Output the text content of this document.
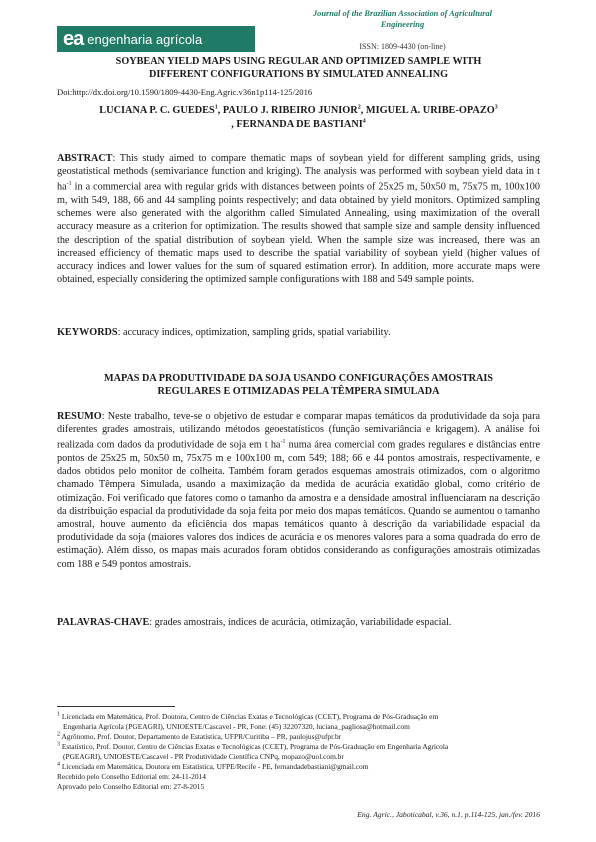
ea engenharia agrícola
Journal of the Brazilian Association of Agricultural
Engineering
ISSN: 1809-4430 (on-line)
SOYBEAN YIELD MAPS USING REGULAR AND OPTIMIZED SAMPLE WITH
DIFFERENT CONFIGURATIONS BY SIMULATED ANNEALING
Doi:http://dx.doi.org/10.1590/1809-4430-Eng.Agric.v36n1p114-125/2016
LUCIANA P. C. GUEDES$^1$, PAULO J. RIBEIRO JUNIOR$^2$, MIGUEL A. URIBE-OPAZO$^3$
, FERNANDA DE BASTIANI$^4$
ABSTRACT: This study aimed to compare thematic maps of soybean yield for different sampling grids, using geostatistical methods (semivariance function and kriging). The analysis was performed with soybean yield data in t $ha^{-1}$ in a commercial area with regular grids with distances between points of 25x25 m, 50x50 m, 75x75 m, 100x100 m, with 549, 188, 66 and 44 sampling points respectively; and data obtained by yield monitors. Optimized sampling schemes were also generated with the algorithm called Simulated Annealing, using maximization of the overall accuracy measure as a criterion for optimization. The results showed that sample size and sample density influenced the description of the spatial distribution of soybean yield. When the sample size was increased, there was an increased efficiency of thematic maps used to describe the spatial variability of soybean yield (higher values of accuracy indices and lower values for the sum of squared estimation error). In addition, more accurate maps were obtained, especially considering the optimized sample configurations with 188 and 549 sample points.
KEYWORDS: accuracy indices, optimization, sampling grids, spatial variability.
MAPAS DA PRODUTIVIDADE DA SOJA USANDO CONFIGURAÇÕES AMOSTRAIS
REGULARES E OTIMIZADAS PELA TÊMPERA SIMULADA
RESUMO: Neste trabalho, teve-se o objetivo de estudar e comparar mapas temáticos da produtividade da soja para diferentes grades amostrais, utilizando métodos geoestatísticos (função semivariância e krigagem). A análise foi realizada com dados da produtividade de soja em t $ha^{-1}$ numa área comercial com grades regulares e distâncias entre pontos de 25x25 m, 50x50 m, 75x75 m e 100x100 m, com 549; 188; 66 e 44 pontos amostrais, respectivamente, e dados obtidos pelo monitor de colheita. Também foram gerados esquemas amostrais otimizados, com o algoritmo chamado Têmpera Simulada, usando a maximização da medida de acurácia exatidão global, como critério de otimização. Foi verificado que fatores como o tamanho da amostra e a densidade amostral influenciaram na descrição da distribuição espacial da produtividade da soja feita por meio dos mapas temáticos. Quando se aumentou o tamanho amostral, houve aumento da eficiência dos mapas temáticos quanto à descrição da variabilidade espacial da produtividade da soja (maiores valores dos índices de acurácia e os menores valores para a soma quadrada do erro de estimação). Além disso, os mapas mais acurados foram obtidos considerando as configurações amostrais otimizadas com 188 e 549 pontos amostrais.
PALAVRAS-CHAVE: grades amostrais, índices de acurácia, otimização, variabilidade espacial.

$^1$ Licenciada em Matemática, Prof. Doutora, Centro de Ciências Exatas e Tecnológicas (CCET), Programa de Pós-Graduação em
Engenharia Agrícola (PGEAGRI), UNIOESTE/Cascavel - PR, Fone: (45) 32207320, luciana_pagliosa@hotmail.com

$^2$ Agrônomo, Prof. Doutor, Departamento de Estatística, UFPR/Curitiba – PR, paulojus@ufpr.br

$^3$ Estatístico, Prof. Doutor, Centro de Ciências Exatas e Tecnológicas (CCET), Programa de Pós-Graduação em Engenharia Agrícola
(PGEAGRI), UNIOESTE/Cascavel - PR Produtividade Científica CNPq, mopazo@uol.com.br

$^4$ Licenciada em Matemática, Doutora em Estatística, UFPE/Recife - PE, fernandadebastiani@gmail.com

Recebido pelo Conselho Editorial em: 24-11-2014

Aprovado pelo Conselho Editorial em: 27-8-2015

Eng. Agríc., Jaboticabal, v.36, n.1, p.114-125, jan./fev. 2016
